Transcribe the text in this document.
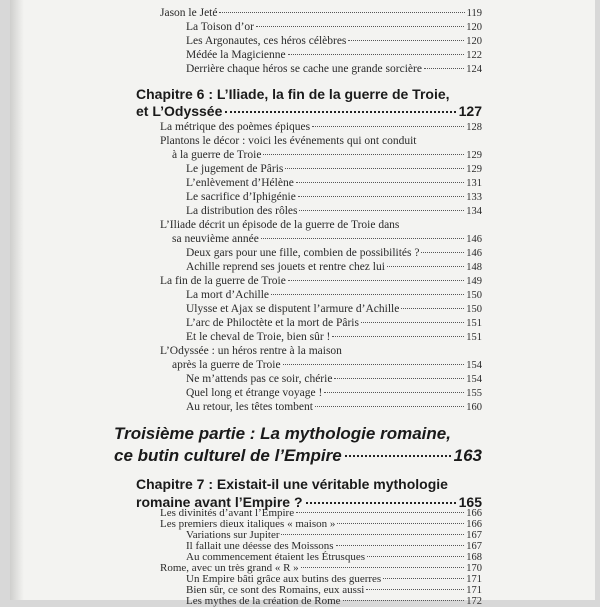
Jason le Jeté	119
La Toison d’or	120
Les Argonautes, ces héros célèbres	120
Médée la Magicienne	122
Derrière chaque héros se cache une grande sorcière	124
Chapitre 6 : L’Iliade, la fin de la guerre de Troie,
et L’Odyssée	127
La métrique des poèmes épiques	128
Plantons le décor : voici les événements qui ont conduit
à la guerre de Troie	129
Le jugement de Pâris	129
L’enlèvement d’Hélène	131
Le sacrifice d’Iphigénie	133
La distribution des rôles	134
L’Iliade décrit un épisode de la guerre de Troie dans
sa neuvième année	146
Deux gars pour une fille, combien de possibilités ?	146
Achille reprend ses jouets et rentre chez lui	148
La fin de la guerre de Troie	149
La mort d’Achille	150
Ulysse et Ajax se disputent l’armure d’Achille	150
L’arc de Philoctète et la mort de Pâris	151
Et le cheval de Troie, bien sûr !	151
L’Odyssée : un héros rentre à la maison
après la guerre de Troie	154
Ne m’attends pas ce soir, chérie	154
Quel long et étrange voyage !	155
Au retour, les têtes tombent	160
Troisième partie : La mythologie romaine,
ce butin culturel de l’Empire	163
Chapitre 7 : Existait-il une véritable mythologie
romaine avant l’Empire ?	165
Les divinités d’avant l’Empire	166
Les premiers dieux italiques « maison »	166
Variations sur Jupiter	167
Il fallait une déesse des Moissons	167
Au commencement étaient les Étrusques	168
Rome, avec un très grand « R »	170
Un Empire bâti grâce aux butins des guerres	171
Bien sûr, ce sont des Romains, eux aussi	171
Les mythes de la création de Rome	172
